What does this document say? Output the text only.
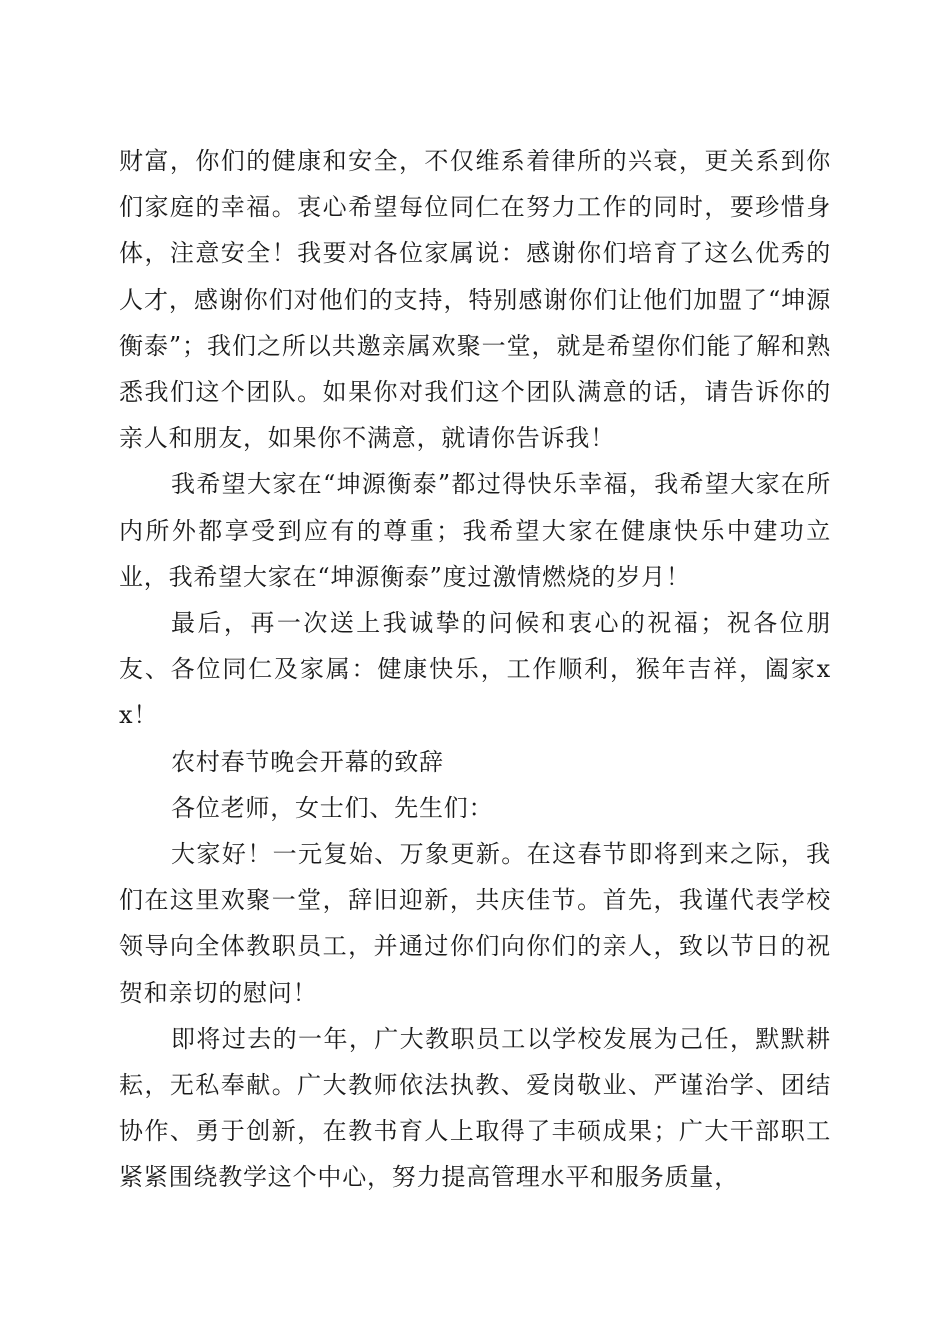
财富，你们的健康和安全，不仅维系着律所的兴衰，更关系到你们家庭的幸福。衷心希望每位同仁在努力工作的同时，要珍惜身体，注意安全！我要对各位家属说：感谢你们培育了这么优秀的人才，感谢你们对他们的支持，特别感谢你们让他们加盟了“坤源衡泰”；我们之所以共邀亲属欢聚一堂，就是希望你们能了解和熟悉我们这个团队。如果你对我们这个团队满意的话，请告诉你的亲人和朋友，如果你不满意，就请你告诉我！

我希望大家在“坤源衡泰”都过得快乐幸福，我希望大家在所内所外都享受到应有的尊重；我希望大家在健康快乐中建功立业，我希望大家在“坤源衡泰”度过激情燃烧的岁月！

最后，再一次送上我诚挚的问候和衷心的祝福；祝各位朋友、各位同仁及家属：健康快乐，工作顺利，猴年吉祥，阖家xx！

农村春节晚会开幕的致辞

各位老师，女士们、先生们：

大家好！一元复始、万象更新。在这春节即将到来之际，我们在这里欢聚一堂，辞旧迎新，共庆佳节。首先，我谨代表学校领导向全体教职员工，并通过你们向你们的亲人，致以节日的祝贺和亲切的慰问！

即将过去的一年，广大教职员工以学校发展为己任，默默耕耘，无私奉献。广大教师依法执教、爱岗敬业、严谨治学、团结协作、勇于创新，在教书育人上取得了丰硕成果；广大干部职工紧紧围绕教学这个中心，努力提高管理水平和服务质量，
